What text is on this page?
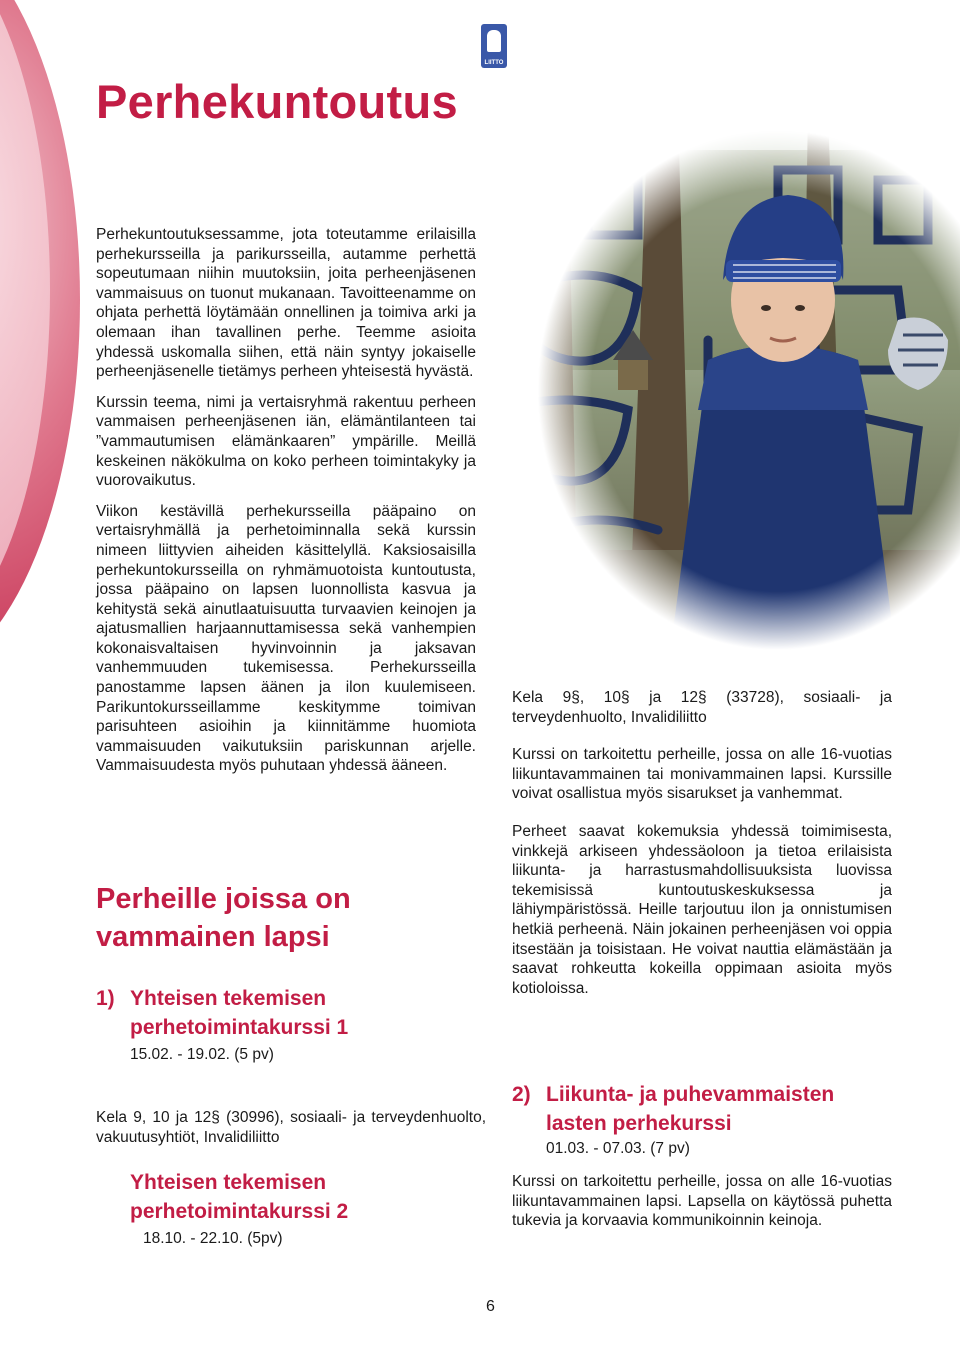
LIITTO
Perhekuntoutus

Perhekuntoutuksessamme, jota toteutamme erilaisilla perhekursseilla ja parikursseilla, autamme perhettä sopeutumaan niihin muutoksiin, joita perheenjäsenen vammaisuus on tuonut mukanaan. Tavoitteenamme on ohjata perhettä löytämään onnellinen ja toimiva arki ja olemaan ihan tavallinen perhe. Teemme asioita yhdessä uskomalla siihen, että näin syntyy jokaiselle perheenjäsenelle tietämys perheen yhteisestä hyvästä.

Kurssin teema, nimi ja vertaisryhmä rakentuu perheen vammaisen perheenjäsenen iän, elämäntilanteen tai ”vammautumisen elämänkaaren” ympärille. Meillä keskeinen näkökulma on koko perheen toimintakyky ja vuorovaikutus.

Viikon kestävillä perhekursseilla pääpaino on vertaisryhmällä ja perhetoiminnalla sekä kurssin nimeen liittyvien aiheiden käsittelyllä. Kaksiosaisilla perhekuntokursseilla on ryhmämuotoista kuntoutusta, jossa pääpaino on lapsen luonnollista kasvua ja kehitystä sekä ainutlaatuisuutta turvaavien keinojen ja ajatusmallien harjaannuttamisessa sekä vanhempien kokonaisvaltaisen hyvinvoinnin ja jaksavan vanhemmuuden tukemisessa. Perhekursseilla panostamme lapsen äänen ja ilon kuulemiseen. Parikuntokursseillamme keskitymme toimivan parisuhteen asioihin ja kiinnitämme huomiota vammaisuuden vaikutuksiin pariskunnan arjelle. Vammaisuudesta myös puhutaan yhdessä ääneen.

Perheille joissa on vammainen lapsi
1) Yhteisen tekemisen perhetoimintakurssi 1
15.02. - 19.02. (5 pv)
Kela 9, 10 ja 12§ (30996), sosiaali- ja terveydenhuolto, vakuutusyhtiöt, Invalidiliitto
Yhteisen tekemisen perhetoimintakurssi 2
18.10. - 22.10. (5pv)

Kela 9§, 10§ ja 12§ (33728), sosiaali- ja terveydenhuolto, Invalidiliitto

Kurssi on tarkoitettu perheille, jossa on alle 16-vuotias liikuntavammainen tai monivammainen lapsi. Kurssille voivat osallistua myös sisarukset ja vanhemmat.

Perheet saavat kokemuksia yhdessä toimimisesta, vinkkejä arkiseen yhdessäoloon ja tietoa erilaisista liikunta- ja harrastusmahdollisuuksista luovissa tekemisissä kuntoutuskeskuksessa ja lähiympäristössä. Heille tarjoutuu ilon ja onnistumisen hetkiä perheenä. Näin jokainen perheenjäsen voi oppia itsestään ja toisistaan. He voivat nauttia elämästään ja saavat rohkeutta kokeilla oppimaan asioita myös kotioloissa.

2) Liikunta- ja puhevammaisten lasten perhekurssi
01.03. - 07.03. (7 pv)
Kurssi on tarkoitettu perheille, jossa on alle 16-vuotias liikuntavammainen lapsi. Lapsella on käytössä puhetta tukevia ja korvaavia kommunikoinnin keinoja.
6
